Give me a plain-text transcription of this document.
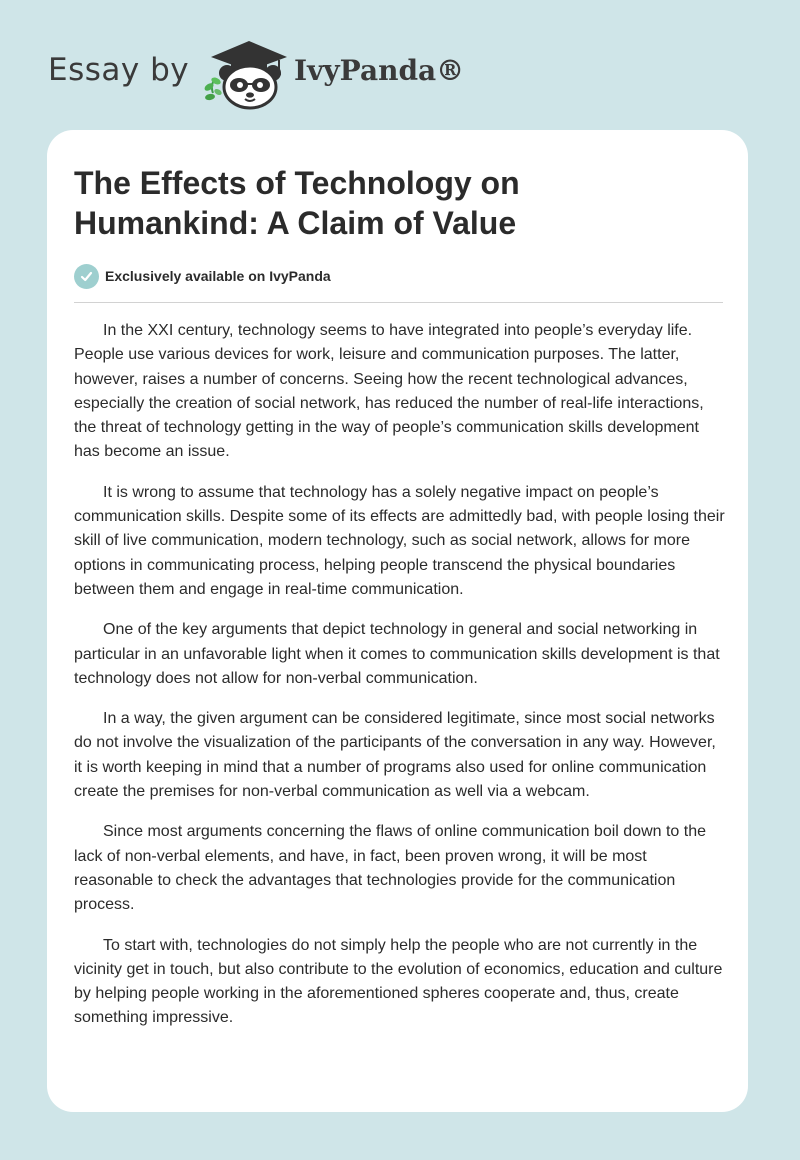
Essay by	IvyPanda®
The Effects of Technology on Humankind: A Claim of Value
Exclusively available on IvyPanda

In the XXI century, technology seems to have integrated into people’s everyday life. People use various devices for work, leisure and communication purposes. The latter, however, raises a number of concerns. Seeing how the recent technological advances, especially the creation of social network, has reduced the number of real-life interactions, the threat of technology getting in the way of people’s communication skills development has become an issue.

It is wrong to assume that technology has a solely negative impact on people’s communication skills. Despite some of its effects are admittedly bad, with people losing their skill of live communication, modern technology, such as social network, allows for more options in communicating process, helping people transcend the physical boundaries between them and engage in real-time communication.

One of the key arguments that depict technology in general and social networking in particular in an unfavorable light when it comes to communication skills development is that technology does not allow for non-verbal communication.

In a way, the given argument can be considered legitimate, since most social networks do not involve the visualization of the participants of the conversation in any way. However, it is worth keeping in mind that a number of programs also used for online communication create the premises for non-verbal communication as well via a webcam.

Since most arguments concerning the flaws of online communication boil down to the lack of non-verbal elements, and have, in fact, been proven wrong, it will be most reasonable to check the advantages that technologies provide for the communication process.

To start with, technologies do not simply help the people who are not currently in the vicinity get in touch, but also contribute to the evolution of economics, education and culture by helping people working in the aforementioned spheres cooperate and, thus, create something impressive.
